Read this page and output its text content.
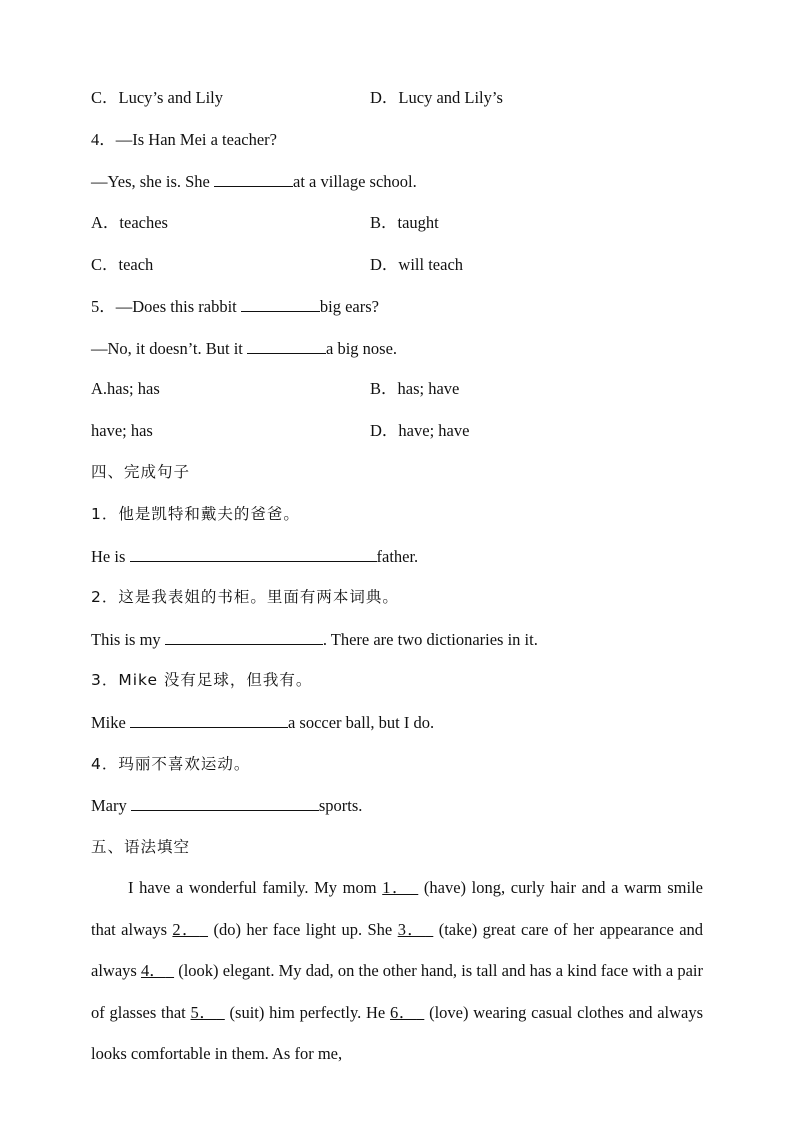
C．Lucy’s and Lily	D．Lucy and Lily’s
4．—Is Han Mei a teacher?
—Yes, she is. She	at a village school.
A．teaches	B．taught
C．teach	D．will teach
5．—Does this rabbit	big ears?
—No, it doesn’t. But it	a big nose.
A.has; has	B．has; have
have; has	D．have; have
四、完成句子
1．他是凯特和戴夫的爸爸。
He is	father.
2．这是我表姐的书柜。里面有两本词典。
This is my	. There are two dictionaries in it.
3．Mike 没有足球，但我有。
Mike	a soccer ball, but I do.
4．玛丽不喜欢运动。
Mary	sports.
五、语法填空
I have a wonderful family. My mom 1．  (have) long, curly hair and a warm smile that always 2．  (do) her face light up. She 3．  (take) great care of her appearance and always 4．  (look) elegant. My dad, on the other hand, is tall and has a kind face with a pair of glasses that 5．  (suit) him perfectly. He 6．  (love) wearing casual clothes and always looks comfortable in them. As for me,
